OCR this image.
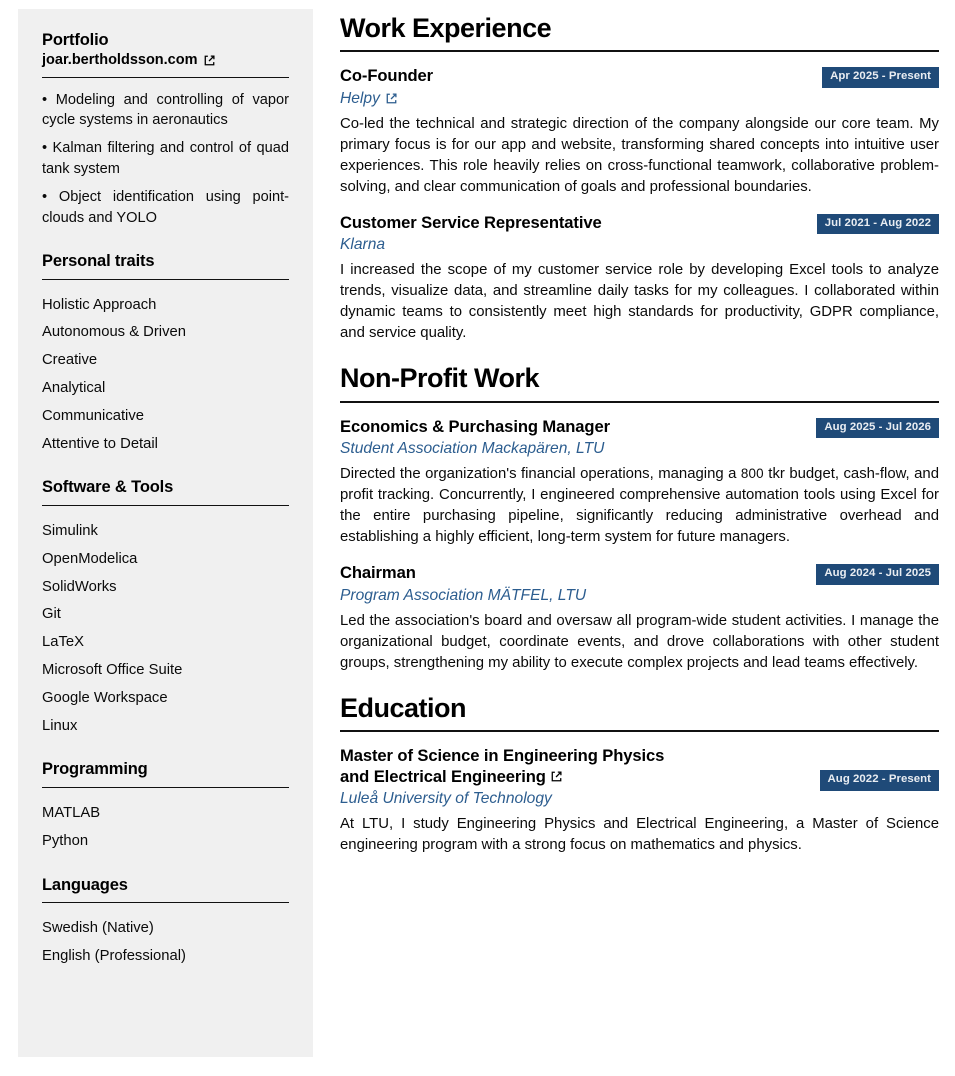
Portfolio
joar.bertholdsson.com
• Modeling and controlling of vapor cycle systems in aeronautics
• Kalman filtering and control of quad tank system
• Object identification using point-clouds and YOLO
Personal traits
Holistic Approach
Autonomous & Driven
Creative
Analytical
Communicative
Attentive to Detail
Software & Tools
Simulink
OpenModelica
SolidWorks
Git
LaTeX
Microsoft Office Suite
Google Workspace
Linux
Programming
MATLAB
Python
Languages
Swedish (Native)
English (Professional)
Work Experience
Co-Founder
Helpy
Apr 2025 - Present

Co-led the technical and strategic direction of the company alongside our core team. My primary focus is for our app and website, transforming shared concepts into intuitive user experiences. This role heavily relies on cross-functional teamwork, collaborative problem-solving, and clear communication of goals and professional boundaries.

Customer Service Representative
Klarna
Jul 2021 - Aug 2022

I increased the scope of my customer service role by developing Excel tools to analyze trends, visualize data, and streamline daily tasks for my colleagues. I collaborated within dynamic teams to consistently meet high standards for productivity, GDPR compliance, and service quality.

Non-Profit Work
Economics & Purchasing Manager
Student Association Mackapären, LTU
Aug 2025 - Jul 2026

Directed the organization's financial operations, managing a 800 tkr budget, cash-flow, and profit tracking. Concurrently, I engineered comprehensive automation tools using Excel for the entire purchasing pipeline, significantly reducing administrative overhead and establishing a highly efficient, long-term system for future managers.

Chairman
Program Association MÄTFEL, LTU
Aug 2024 - Jul 2025

Led the association's board and oversaw all program-wide student activities. I manage the organizational budget, coordinate events, and drove collaborations with other student groups, strengthening my ability to execute complex projects and lead teams effectively.

Education
Master of Science in Engineering Physics
and Electrical Engineering
Luleå University of Technology
Aug 2022 - Present

At LTU, I study Engineering Physics and Electrical Engineering, a Master of Science engineering program with a strong focus on mathematics and physics.
